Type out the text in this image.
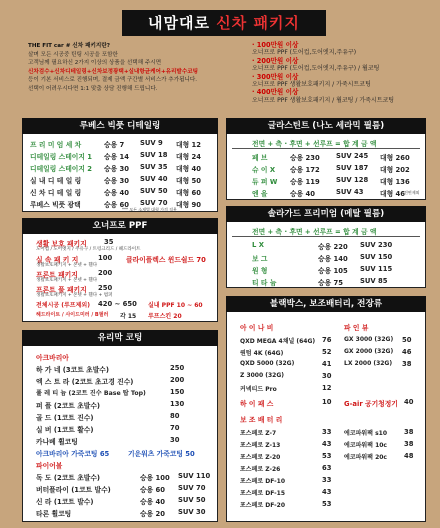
내맘대로 신차 패키지
THE FIT car # 신차 패키지란?
살며 모든 시공중 틴팅 시공을 포함한
고객님께 필요하신 2가지 이상의 상품을 선택해 주시면
신차검수+신차디테일링+신차보정광택+실내항균케어+유리발수코팅
등이 기본 서비스로 진행되며, 결제 금액 구간별 서비스가 추가됩니다.
선택이 어려우시다면 1:1 맞춤 상담 진행해 드립니다.
· 100만원 이상
오너프로 PPF (도어컵,도어엣지,주유구)
· 200만원 이상
오너프로 PPF (도어컵,도어엣지,주유구) / 휠코팅
· 300만원 이상
오너프로 PPF 생활보호패키지 / 가죽시트코팅
· 400만원 이상
오너프로 PPF 생활보호패키지 / 휠코팅 / 가죽시트코팅
루베스 빅풋 디테일링
프 리 미 엄 세 차	승용 7 SUV 9 대형 12
디테일링 스테이지 1 승용 14 SUV 18 대형 24
디테일링 스테이지 2 승용 30 SUV 35 대형 40
실 내 디 테 일 링	승용 30 SUV 40 대형 50
신 차 디 테 일 링	승용 40 SUV 50 대형 60
루베스 빅풋 광택	승용 60 SUV 70 대형 90
*** 모든 소재별 대형 가격 적용
글라스틴트 (나노 세라믹 필름)
전면 + 측 · 후면 + 선루프 = 합 계 금 액
페 브	승용 230 SUV 245 대형 260
슈 이 X 승용 172 SUV 187 대형 202
듀 퍼 W 승용 119 SUV 128 대형 136
엔 을	승용 40	SUV 43 대형 46 전면제외
솔라가드 프리미엄 (메탈 필름)
전면 + 측 · 후면 + 선루프 = 합 계 금 액
L X	승용 220 SUV 230
보 그	승용 140 SUV 150
원 형	승용 105 SUV 115
티 타 늄	승용 75	SUV 85
오너프로 PPF
생활 보호 패키지	35
도어컵 / 도어엣지 / 주유구 / 트렁크리드 / 헤드라이트
실 속 패 키 지	100 클라이플렉스 윈드쉴드 70
생활보호패키지 + 본넷 + 휀다
프론트 패키지	200
생활보호패키지 + 본넷 + 휀다
프론트 풀 패키지 250
생활보호패키지 + 본넷 + 휀다 + 범퍼
전체시공 (루프제외) 420 ~ 650 실내 PPF 10 ~ 60
헤드라이트 / 사이드미러 / B필러 각 15 루프스킨 20
유리막 코팅
아크바리아
하 가 네 (3코트 초발수)	250
엑 스 트 라 (2코트 초고경 진수)	200
퓰 레 티 늄 (2코트 진수 Base 탑 Top)	150
퍼 플 (2코트 초발수)	130
골 드 (1코트 진수)	80
실 버 (1코트 활수)	70
카나베 휠코팅	30
아크바리아 가죽코팅 65	기운워츠 가죽코팅 50
파이어볼
독 도 (2코트 초발수)	승용 100 SUV 110
버터플라이 (1코트 발수)	승용 60 SUV 70
신 라 (1코트 발수)	승용 40 SUV 50
타론 휠코팅	승용 20 SUV 30
블랙박스, 보조배터리, 전장류
아 이 나 비	파 인 뷰
QXD MEGA 4채널 (64G) 76 GX 3000 (32G) 50
퀀텀 4K (64G)	52 GX 2000 (32G) 46
QXD 5000 (32G)	41 LX 2000 (32G) 38
Z 3000 (32G)	30
커넥티드 Pro	12
하 이 패 스	10 G-air 공기청정기 40
보 조 배 터 리
포스페로 Z-7	33 에코파워팩 s10	38
포스페로 Z-13	43 에코파워팩 10c	38
포스페로 Z-20	53 에코파워팩 20c	48
포스페로 Z-26	63
포스페로 DF-10	33
포스페로 DF-15	43
포스페로 DF-20	53
